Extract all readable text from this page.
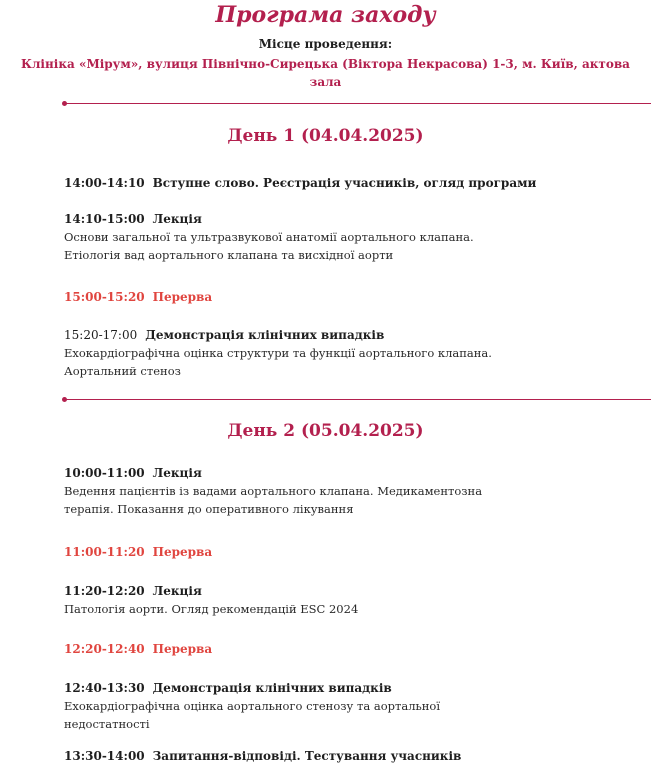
Програма заходу
Місце проведення:
Клініка «Мірум», вулиця Північно-Сирецька (Віктора Некрасова) 1-3, м. Київ, актова зала
День 1 (04.04.2025)
14:00-14:10 Вступне слово. Реєстрація учасників, огляд програми
14:10-15:00 Лекція
Основи загальної та ультразвукової анатомії аортального клапана.
Етіологія вад аортального клапана та висхідної аорти
15:00-15:20 Перерва
15:20-17:00 Демонстрація клінічних випадків
Ехокардіографічна оцінка структури та функції аортального клапана.
Аортальний стеноз
День 2 (05.04.2025)
10:00-11:00 Лекція
Ведення пацієнтів із вадами аортального клапана. Медикаментозна
терапія. Показання до оперативного лікування
11:00-11:20 Перерва
11:20-12:20 Лекція
Патологія аорти. Огляд рекомендацій ESC 2024
12:20-12:40 Перерва
12:40-13:30 Демонстрація клінічних випадків
Ехокардіографічна оцінка аортального стенозу та аортальної
недостатності
13:30-14:00 Запитання-відповіді. Тестування учасників
